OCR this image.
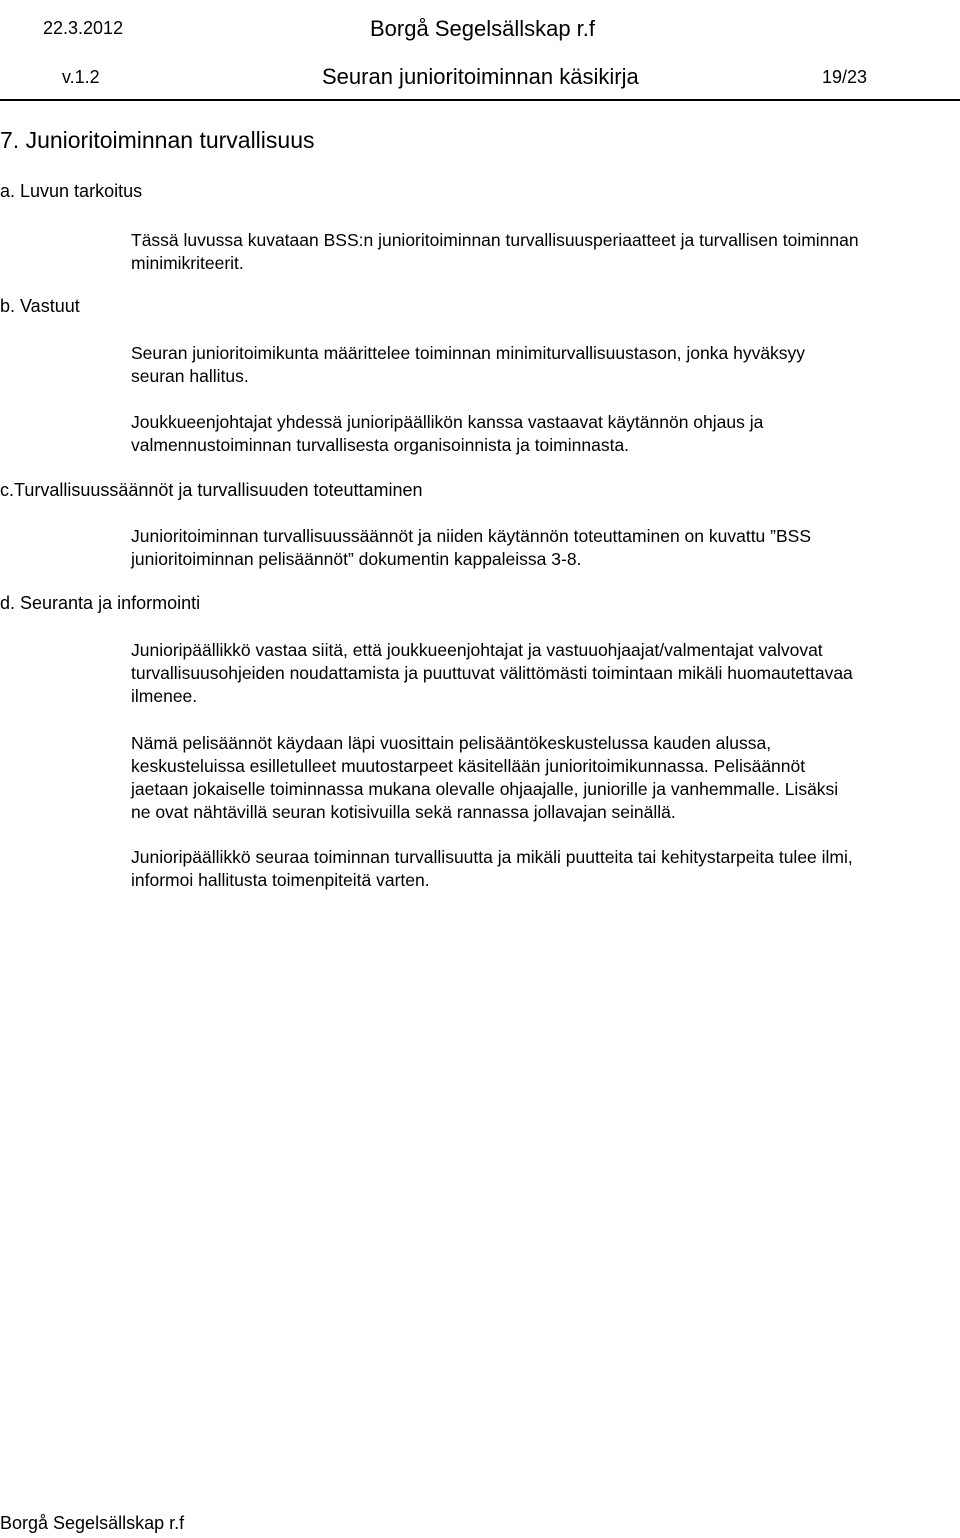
22.3.2012	Borgå Segelsällskap r.f

v.1.2	Seuran junioritoiminnan käsikirja	19/23

7. Junioritoiminnan turvallisuus

a. Luvun tarkoitus

Tässä luvussa kuvataan BSS:n junioritoiminnan turvallisuusperiaatteet ja turvallisen toiminnan
minimikriteerit.

b. Vastuut

Seuran junioritoimikunta määrittelee toiminnan minimiturvallisuustason, jonka hyväksyy
seuran hallitus.
Joukkueenjohtajat yhdessä junioripäällikön kanssa vastaavat käytännön ohjaus ja
valmennustoiminnan turvallisesta organisoinnista ja toiminnasta.

c.Turvallisuussäännöt ja turvallisuuden toteuttaminen

Junioritoiminnan turvallisuussäännöt ja niiden käytännön toteuttaminen on kuvattu ”BSS
junioritoiminnan pelisäännöt” dokumentin kappaleissa 3-8.

d. Seuranta ja informointi

Junioripäällikkö vastaa siitä, että joukkueenjohtajat ja vastuuohjaajat/valmentajat valvovat
turvallisuusohjeiden noudattamista ja puuttuvat välittömästi toimintaan mikäli huomautettavaa
ilmenee.
Nämä pelisäännöt käydaan läpi vuosittain pelisääntökeskustelussa kauden alussa,
keskusteluissa esilletulleet muutostarpeet käsitellään junioritoimikunnassa. Pelisäännöt
jaetaan jokaiselle toiminnassa mukana olevalle ohjaajalle, juniorille ja vanhemmalle. Lisäksi
ne ovat nähtävillä seuran kotisivuilla sekä rannassa jollavajan seinällä.
Junioripäällikkö seuraa toiminnan turvallisuutta ja mikäli puutteita tai kehitystarpeita tulee ilmi,
informoi hallitusta toimenpiteitä varten.

Borgå Segelsällskap r.f
